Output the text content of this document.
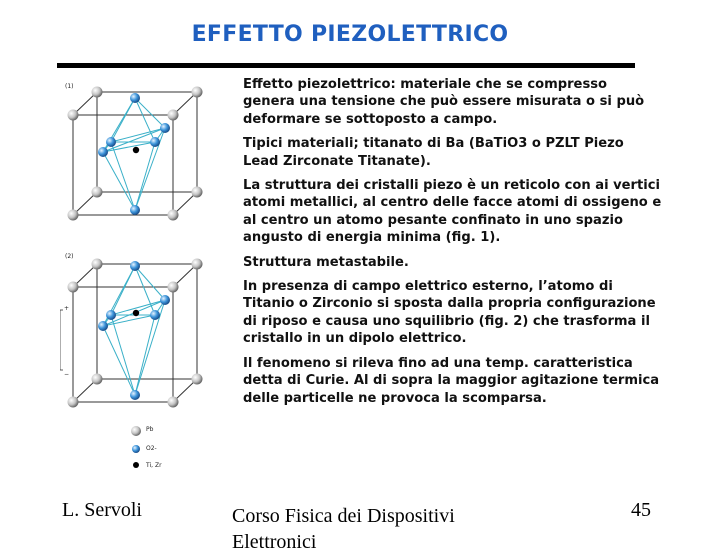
EFFETTO PIEZOLETTRICO
(1)
(2)
+
−
Pb
O2-
Ti, Zr

Effetto piezolettrico: materiale che se compresso genera una tensione che può essere misurata o si può deformare se sottoposto a campo.

Tipici materiali; titanato di Ba (BaTiO3 o PZLT Piezo Lead Zirconate Titanate).

La struttura dei cristalli piezo è un reticolo con ai vertici atomi metallici, al centro delle facce atomi di ossigeno e al centro un atomo pesante confinato in uno spazio angusto di energia minima (fig. 1).

Struttura metastabile.

In presenza di campo elettrico esterno, l’atomo di Titanio o Zirconio si sposta dalla propria configurazione di riposo e causa uno squilibrio (fig. 2) che trasforma il cristallo in un dipolo elettrico.

Il fenomeno si rileva fino ad una temp. caratteristica detta di Curie. Al di sopra la maggior agitazione termica delle particelle ne provoca la scomparsa.

L. Servoli	Corso Fisica dei Dispositivi Elettronici
45
